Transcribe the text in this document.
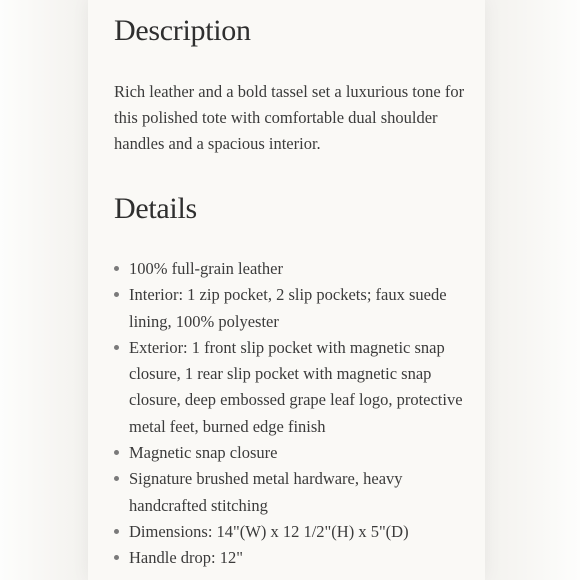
Description

Rich leather and a bold tassel set a luxurious tone for this polished tote with comfortable dual shoulder handles and a spacious interior.

Details
100% full-grain leather
Interior: 1 zip pocket, 2 slip pockets; faux suede lining, 100% polyester
Exterior: 1 front slip pocket with magnetic snap closure, 1 rear slip pocket with magnetic snap closure, deep embossed grape leaf logo, protective metal feet, burned edge finish
Magnetic snap closure
Signature brushed metal hardware, heavy handcrafted stitching
Dimensions: 14"(W) x 12 1/2"(H) x 5"(D)
Handle drop: 12"
